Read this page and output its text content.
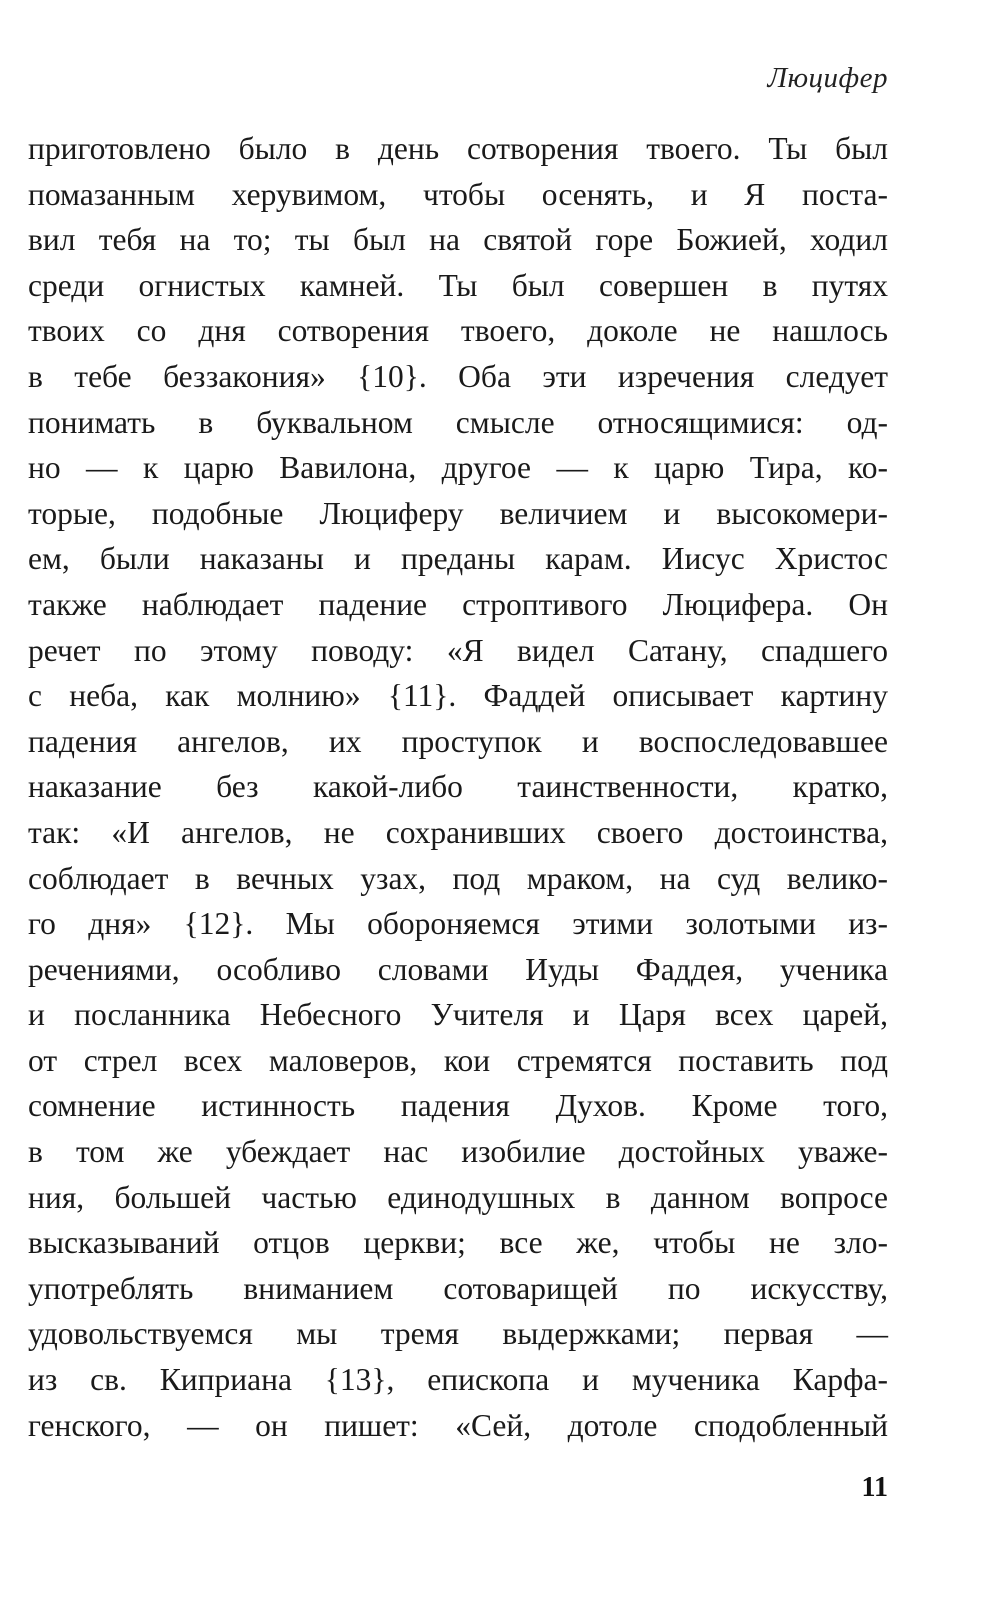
Люцифер
приготовлено было в день сотворения твоего. Ты был
помазанным херувимом, чтобы осенять, и Я поста-
вил тебя на то; ты был на святой горе Божией, ходил
среди огнистых камней. Ты был совершен в путях
твоих со дня сотворения твоего, доколе не нашлось
в тебе беззакония» {10}. Оба эти изречения следует
понимать в буквальном смысле относящимися: од-
но — к царю Вавилона, другое — к царю Тира, ко-
торые, подобные Люциферу величием и высокомери-
ем, были наказаны и преданы карам. Иисус Христос
также наблюдает падение строптивого Люцифера. Он
речет по этому поводу: «Я видел Сатану, спадшего
с неба, как молнию» {11}. Фаддей описывает картину
падения ангелов, их проступок и воспоследовавшее
наказание без какой-либо таинственности, кратко,
так: «И ангелов, не сохранивших своего достоинства,
соблюдает в вечных узах, под мраком, на суд велико-
го дня» {12}. Мы обороняемся этими золотыми из-
речениями, особливо словами Иуды Фаддея, ученика
и посланника Небесного Учителя и Царя всех царей,
от стрел всех маловеров, кои стремятся поставить под
сомнение истинность падения Духов. Кроме того,
в том же убеждает нас изобилие достойных уваже-
ния, большей частью единодушных в данном вопросе
высказываний отцов церкви; все же, чтобы не зло-
употреблять вниманием сотоварищей по искусству,
удовольствуемся мы тремя выдержками; первая —
из св. Киприана {13}, епископа и мученика Карфа-
генского, — он пишет: «Сей, дотоле сподобленный
11
